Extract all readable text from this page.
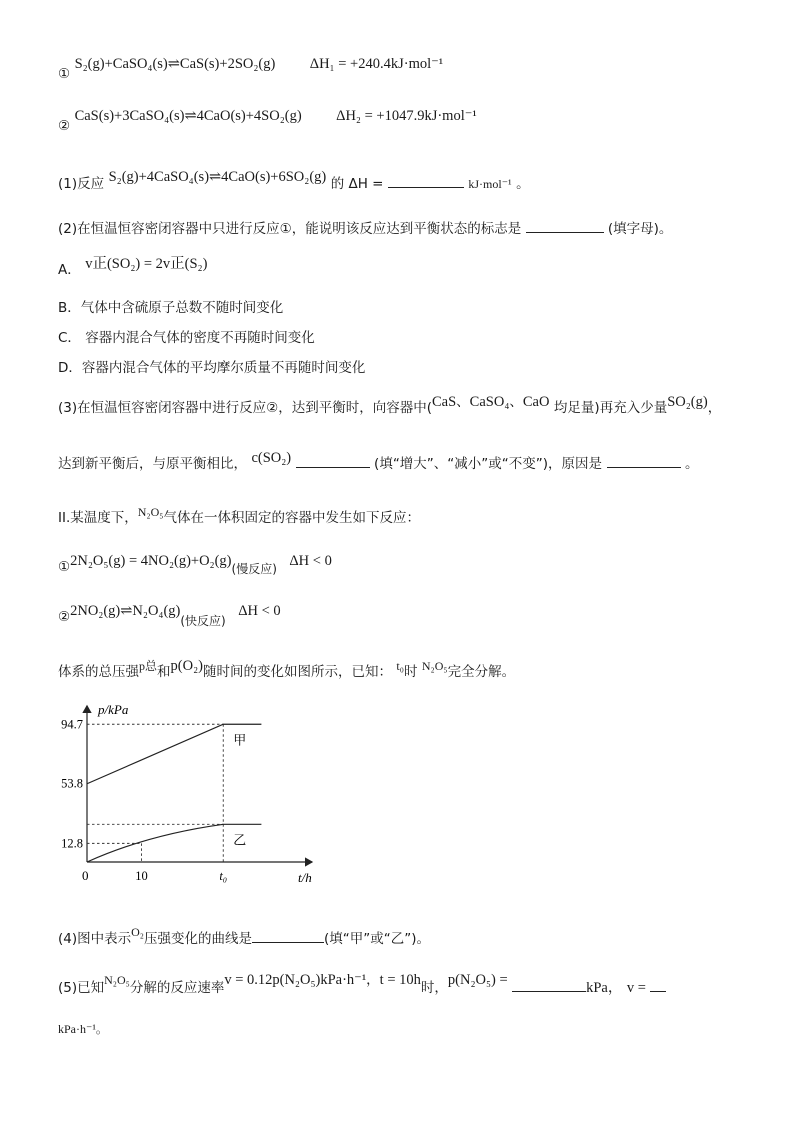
① S₂(g)+CaSO₄(s)⇌CaS(s)+2SO₂(g) ΔH₁ = +240.4kJ·mol⁻¹
② CaS(s)+3CaSO₄(s)⇌4CaO(s)+4SO₂(g) ΔH₂ = +1047.9kJ·mol⁻¹
(1)反应 S₂(g)+4CaSO₄(s)⇌4CaO(s)+6SO₂(g) 的 ΔH =	kJ·mol⁻¹ 。
(2)在恒温恒容密闭容器中只进行反应①，能说明该反应达到平衡状态的标志是	(填字母)。
A． v正(SO₂) = 2v正(S₂)
B．气体中含硫原子总数不随时间变化
C． 容器内混合气体的密度不再随时间变化
D．容器内混合气体的平均摩尔质量不再随时间变化
(3)在恒温恒容密闭容器中进行反应②，达到平衡时，向容器中(CaS、CaSO₄、CaO 均足量)再充入少量SO₂(g)，
达到新平衡后，与原平衡相比， c(SO₂)	(填“增大”、“减小”或“不变”)，原因是	。
II.某温度下，N₂O₅气体在一体积固定的容器中发生如下反应：
①2N₂O₅(g) = 4NO₂(g)+O₂(g)(慢反应) ΔH < 0
②2NO₂(g)⇌N₂O₄(g)(快反应) ΔH < 0
体系的总压强p总和p(O₂)随时间的变化如图所示，已知： t₀时 N₂O₅完全分解。
p/kPa
t/h
0
94.7
53.8
12.8
10	t₀
甲
乙
(4)图中表示O₂压强变化的曲线是	(填“甲”或“乙”)。
(5)已知N₂O₅分解的反应速率v = 0.12p(N₂O₅)kPa·h⁻¹，t = 10h时，p(N₂O₅) =	kPa， v =
kPa·h⁻¹。
